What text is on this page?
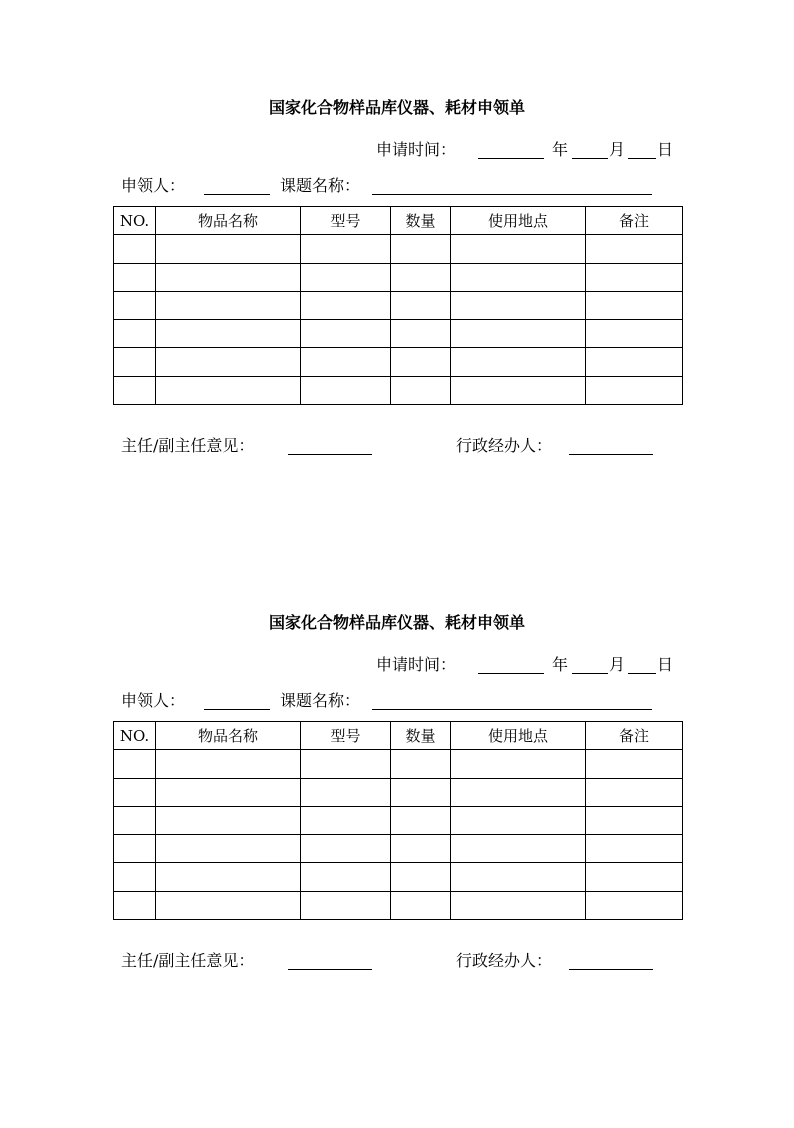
国家化合物样品库仪器、耗材申领单
申请时间：	年	月 日
申领人：	课题名称：
NO.	物品名称	型号	数量	使用地点	备注

主任/副主任意见：	行政经办人：
国家化合物样品库仪器、耗材申领单
申请时间：	年	月 日
申领人：	课题名称：
NO.	物品名称	型号	数量	使用地点	备注

主任/副主任意见：	行政经办人：
